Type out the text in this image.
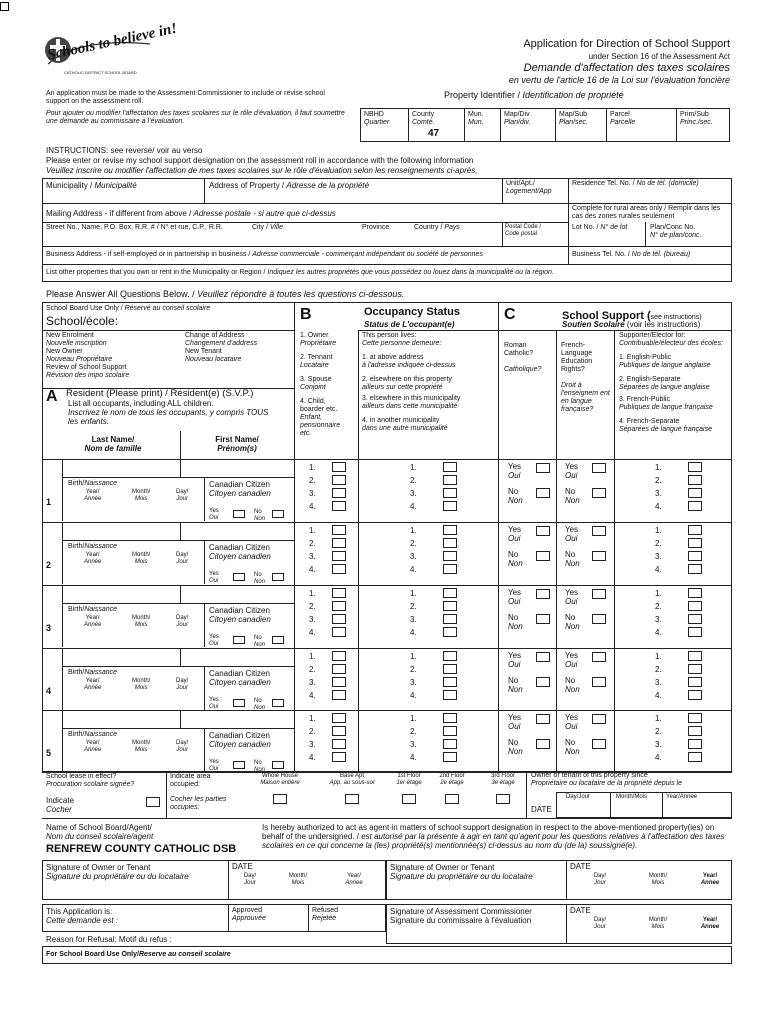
Schools to believe in!
CATHOLIC DISTRICT SCHOOL BOARD
Application for Direction of School Support
under Section 16 of the Assessment Act
Demande d'affectation des taxes scolaires
en vertu de l'article 16 de la Loi sur l'évaluation foncière
An application must be made to the Assessment Commissioner to include or revise school support on the assessment roll.
Pour ajouter ou modifier l'affectation des taxes scolaires sur le rôle d'évaluation, il faut soumettre une demande au commissaire à l'évaluation.
Property Identifier / Identification de propriété
NBHD
Quartier
County
Comté.
47
Mun.
Mun.
Map/Div
Plan/div.
Map/Sub
Plan/sec.
Parcel
Parcelle
Prim/Sub
Princ./sec.
INSTRUCTIONS: see reverse/ voir au verso
Please enter or revise my school support designation on the assessment roll in accordance with the following information
Veuillez inscrire ou modifier l'affectation de mes taxes scolaires sur le rôle d'évaluation selon les renseignements ci-après.
Municipality / Municipalité	Address of Property / Adresse de la propriété	Unit/Apt./
Logement/App
Residence Tel. No. / No de tél. (domicile)
Mailing Address - if different from above / Adresse postale - si autre que ci-dessus
Complete for rural areas only / Remplir dans les cas des zones rurales seulement
Street No., Name, P.O. Box, R.R. # / N° et rue, C.P., R.R.	City / Ville	Province	Country / Pays	Postal Code /
Code postal
Lot No. / N° de lot	Plan/Conc No.
N° de plan/conc.
Business Address - if self-employed or in partnership in business / Adresse commerciale - commerçant indépendant ou société de personnes	Business Tel. No. / No de tél. (bureau)
List other properties that you own or rent in the Municipality or Region / Indiquez les autres propriétés que vous possédez ou louez dans la municipalité ou la région.
Please Answer All Questions Below. / Veuillez répondre à toutes les questions ci-dessous.
School Board Use Only / Réservé au conseil scolaire
School/école:
New Enrolment
Nouvelle inscription
New Owner
Nouveau Propriétaire
Review of School Support
Révision des impo scolaire
Change of Address
Changement d'address
New Tenant
Nouveau locataire
A Resident (Please print) / Résident(e) (S.V.P.)
List all occupants, including ALL children.
Inscrivez le nom de tous les occupants, y compris TOUS les enfants.
Last Name/
Nom de famille
First Name/
Prénom(s)
1. Owner
Propriétaire
2. Tennant
Locataire
3. Spouse
Conjoint
4. Child,
boarder etc.
Enfant,
pensionnaire
etc.
B	Occupancy Status
Status de L'occupant(e)
This person lives:
Cette personne demeure:
1. at above address
à l'adresse indiquée ci-dessus
2. elsewhere on this property
ailleurs sur cette propriété
3. elsewhere in this municipality
ailleurs dans cette municipalité
4. in another municipality
dans une autre municipalité
C	School Support (see instructions)
Soutien Scolaire (voir les instructions)
Roman Catholic?
Catholique?
French-Language Education Rights?
Droit à l'enseignem ent en langue française?
Supporter/Elector for:
Contribuable/électeur des écoles:
1. English-Public
Publiques de langue anglaise
2. English-Separate
Séparées de langue anglaise
3. French-Public
Publiques de langue française
4. French-Separate
Séparées de langue française
1
Birth/Naissance
Year/
Année
Month/
Mois
Day/
Jour
Canadian Citizen
Citoyen canadien
Yes
Oui
No
Non
1.	1.	1.
2.	2.	2.
3.	3.	3.
4.	4.	4.
Yes
Oui
No
Non
Yes
Oui
No
Non
2
Birth/Naissance
Year/
Année
Month/
Mois
Day/
Jour
Canadian Citizen
Citoyen canadien
Yes
Oui
No
Non
1.	1.	1.
2.	2.	2.
3.	3.	3.
4.	4.	4.
Yes
Oui
No
Non
Yes
Oui
No
Non
3
Birth/Naissance
Year/
Année
Month/
Mois
Day/
Jour
Canadian Citizen
Citoyen canadien
Yes
Oui
No
Non
1.	1.	1.
2.	2.	2.
3.	3.	3.
4.	4.	4.
Yes
Oui
No
Non
Yes
Oui
No
Non
4
Birth/Naissance
Year/
Année
Month/
Mois
Day/
Jour
Canadian Citizen
Citoyen canadien
Yes
Oui
No
Non
1.	1.	1.
2.	2.	2.
3.	3.	3.
4.	4.	4.
Yes
Oui
No
Non
Yes
Oui
No
Non
5
Birth/Naissance
Year/
Année
Month/
Mois
Day/
Jour
Canadian Citizen
Citoyen canadien
Yes
Oui
No
Non
1.	1.	1.
2.	2.	2.
3.	3.	3.
4.	4.	4.
Yes
Oui
No
Non
Yes
Oui
No
Non
School lease in effect?
Procuration scolaire signée?
Indicate area occupied:
Indicate
Cocher
Cocher les parties occupies:
Whole House
Maison entière
Base Apt
App. au sous-sol
1st Floor
1er étage
2nd Floor
2e étage
3rd Floor
3e étage
Owner or tenant of this property since
Propriétaire ou locataire de la propriété depuis le
DATE
Day/Jour	Month/Mois	Year/Annee
Name of School Board/Agent/
Nom du conseil scolaire/agent
RENFREW COUNTY CATHOLIC DSB
Is hereby authorized to act as agent in matters of school support designation in respect to the above-mentioned property(ies) on behalf of the undersigned. / est autorisé par la présente à agir en tant qu'agent pour les questions relatives à l'affectation des taxes scolaires en ce qui concerne la (les) propriété(s) mentionnée(s) ci-dessus au nom du (de la) soussigné(e).
Signature of Owner or Tenant
Signature du propriétaire ou du locataire
DATE
Day/
Jour
Month/
Mois
Year/
Annee
Signature of Owner or Tenant
Signature du propriétaire ou du locataire
DATE
Day/
Jour
Month/
Mois
Year/
Annee
This Application is:
Cette demande est :
Approved
Approuvée
Refused
Rejetée
Signature of Assessment Commissioner
Signature du commissaire à l'évaluation
DATE
Day/
Jour
Month/
Mois
Year/
Annee
Reason for Refusal: Motif du refus :
For School Board Use Only/Reserve au conseil scolaire
